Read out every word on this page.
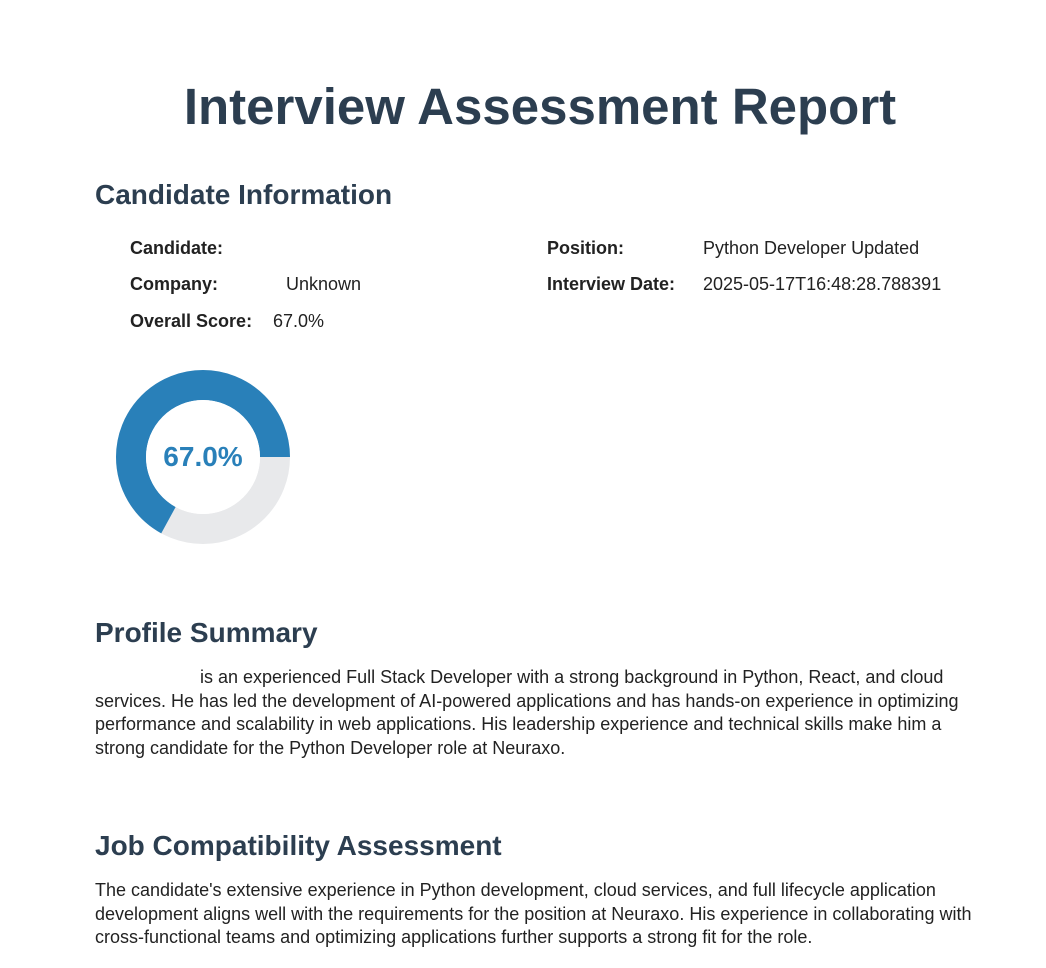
Interview Assessment Report
Candidate Information
Candidate:
Company:	Unknown
Overall Score: 67.0%
Position:	Python Developer Updated
Interview Date: 2025-05-17T16:48:28.788391
67.0%
Profile Summary

is an experienced Full Stack Developer with a strong background in Python, React, and cloud services. He has led the development of AI-powered applications and has hands-on experience in optimizing performance and scalability in web applications. His leadership experience and technical skills make him a strong candidate for the Python Developer role at Neuraxo.

Job Compatibility Assessment

The candidate's extensive experience in Python development, cloud services, and full lifecycle application development aligns well with the requirements for the position at Neuraxo. His experience in collaborating with cross-functional teams and optimizing applications further supports a strong fit for the role.
